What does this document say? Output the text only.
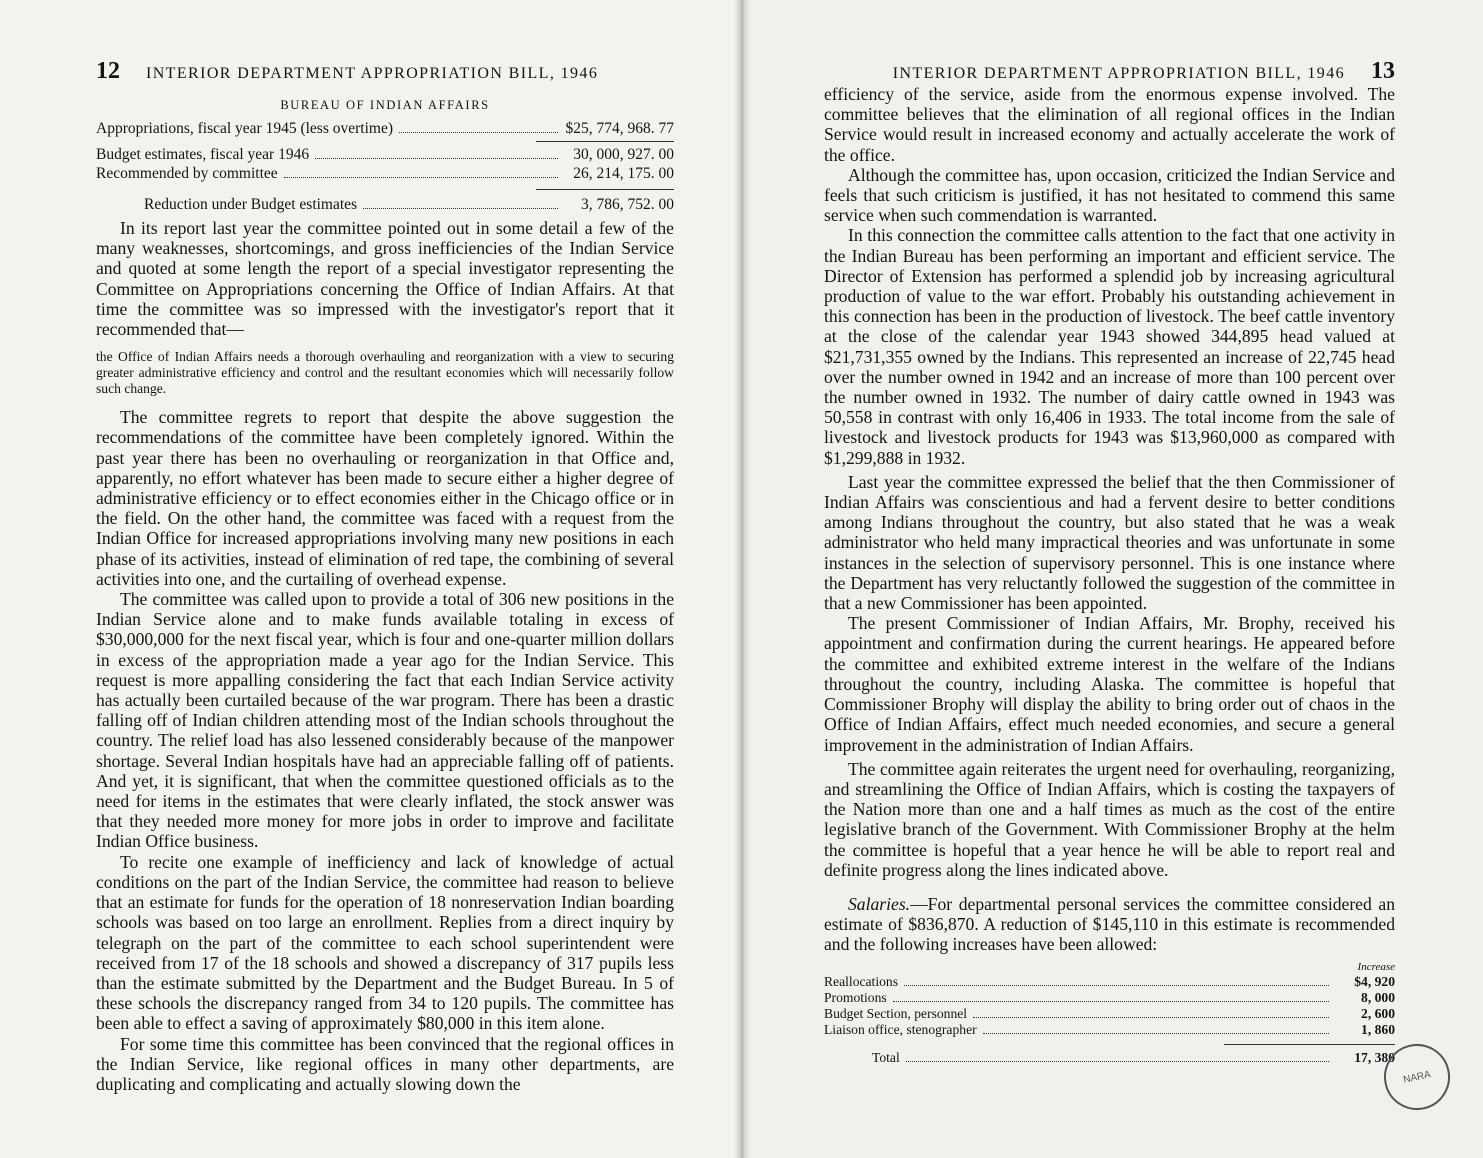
12 INTERIOR DEPARTMENT APPROPRIATION BILL, 1946
BUREAU OF INDIAN AFFAIRS
Appropriations, fiscal year 1945 (less overtime)	$25, 774, 968. 77
Budget estimates, fiscal year 1946	30, 000, 927. 00
Recommended by committee	26, 214, 175. 00
Reduction under Budget estimates	3, 786, 752. 00

In its report last year the committee pointed out in some detail a few of the many weaknesses, shortcomings, and gross inefficiencies of the Indian Service and quoted at some length the report of a special investigator representing the Committee on Appropriations concerning the Office of Indian Affairs. At that time the committee was so impressed with the investigator's report that it recommended that—

the Office of Indian Affairs needs a thorough overhauling and reorganization with a view to securing greater administrative efficiency and control and the resultant economies which will necessarily follow such change.

The committee regrets to report that despite the above suggestion the recommendations of the committee have been completely ignored. Within the past year there has been no overhauling or reorganization in that Office and, apparently, no effort whatever has been made to secure either a higher degree of administrative efficiency or to effect economies either in the Chicago office or in the field. On the other hand, the committee was faced with a request from the Indian Office for increased appropriations involving many new positions in each phase of its activities, instead of elimination of red tape, the combining of several activities into one, and the curtailing of overhead expense.

The committee was called upon to provide a total of 306 new positions in the Indian Service alone and to make funds available totaling in excess of $30,000,000 for the next fiscal year, which is four and one-quarter million dollars in excess of the appropriation made a year ago for the Indian Service. This request is more appalling considering the fact that each Indian Service activity has actually been curtailed because of the war program. There has been a drastic falling off of Indian children attending most of the Indian schools throughout the country. The relief load has also lessened considerably because of the manpower shortage. Several Indian hospitals have had an appreciable falling off of patients. And yet, it is significant, that when the committee questioned officials as to the need for items in the estimates that were clearly inflated, the stock answer was that they needed more money for more jobs in order to improve and facilitate Indian Office business.

To recite one example of inefficiency and lack of knowledge of actual conditions on the part of the Indian Service, the committee had reason to believe that an estimate for funds for the operation of 18 nonreservation Indian boarding schools was based on too large an enrollment. Replies from a direct inquiry by telegraph on the part of the committee to each school superintendent were received from 17 of the 18 schools and showed a discrepancy of 317 pupils less than the estimate submitted by the Department and the Budget Bureau. In 5 of these schools the discrepancy ranged from 34 to 120 pupils. The committee has been able to effect a saving of approximately $80,000 in this item alone.

For some time this committee has been convinced that the regional offices in the Indian Service, like regional offices in many other departments, are duplicating and complicating and actually slowing down the

INTERIOR DEPARTMENT APPROPRIATION BILL, 1946 13

efficiency of the service, aside from the enormous expense involved. The committee believes that the elimination of all regional offices in the Indian Service would result in increased economy and actually accelerate the work of the office.

Although the committee has, upon occasion, criticized the Indian Service and feels that such criticism is justified, it has not hesitated to commend this same service when such commendation is warranted.

In this connection the committee calls attention to the fact that one activity in the Indian Bureau has been performing an important and efficient service. The Director of Extension has performed a splendid job by increasing agricultural production of value to the war effort. Probably his outstanding achievement in this connection has been in the production of livestock. The beef cattle inventory at the close of the calendar year 1943 showed 344,895 head valued at $21,731,355 owned by the Indians. This represented an increase of 22,745 head over the number owned in 1942 and an increase of more than 100 percent over the number owned in 1932. The number of dairy cattle owned in 1943 was 50,558 in contrast with only 16,406 in 1933. The total income from the sale of livestock and livestock products for 1943 was $13,960,000 as compared with $1,299,888 in 1932.

Last year the committee expressed the belief that the then Commissioner of Indian Affairs was conscientious and had a fervent desire to better conditions among Indians throughout the country, but also stated that he was a weak administrator who held many impractical theories and was unfortunate in some instances in the selection of supervisory personnel. This is one instance where the Department has very reluctantly followed the suggestion of the committee in that a new Commissioner has been appointed.

The present Commissioner of Indian Affairs, Mr. Brophy, received his appointment and confirmation during the current hearings. He appeared before the committee and exhibited extreme interest in the welfare of the Indians throughout the country, including Alaska. The committee is hopeful that Commissioner Brophy will display the ability to bring order out of chaos in the Office of Indian Affairs, effect much needed economies, and secure a general improvement in the administration of Indian Affairs.

The committee again reiterates the urgent need for overhauling, reorganizing, and streamlining the Office of Indian Affairs, which is costing the taxpayers of the Nation more than one and a half times as much as the cost of the entire legislative branch of the Government. With Commissioner Brophy at the helm the committee is hopeful that a year hence he will be able to report real and definite progress along the lines indicated above.

Salaries.—For departmental personal services the committee considered an estimate of $836,870. A reduction of $145,110 in this estimate is recommended and the following increases have been allowed:

Increase
Reallocations	$4, 920
Promotions	8, 000
Budget Section, personnel	2, 600
Liaison office, stenographer	1, 860
Total	17, 380
NARA
